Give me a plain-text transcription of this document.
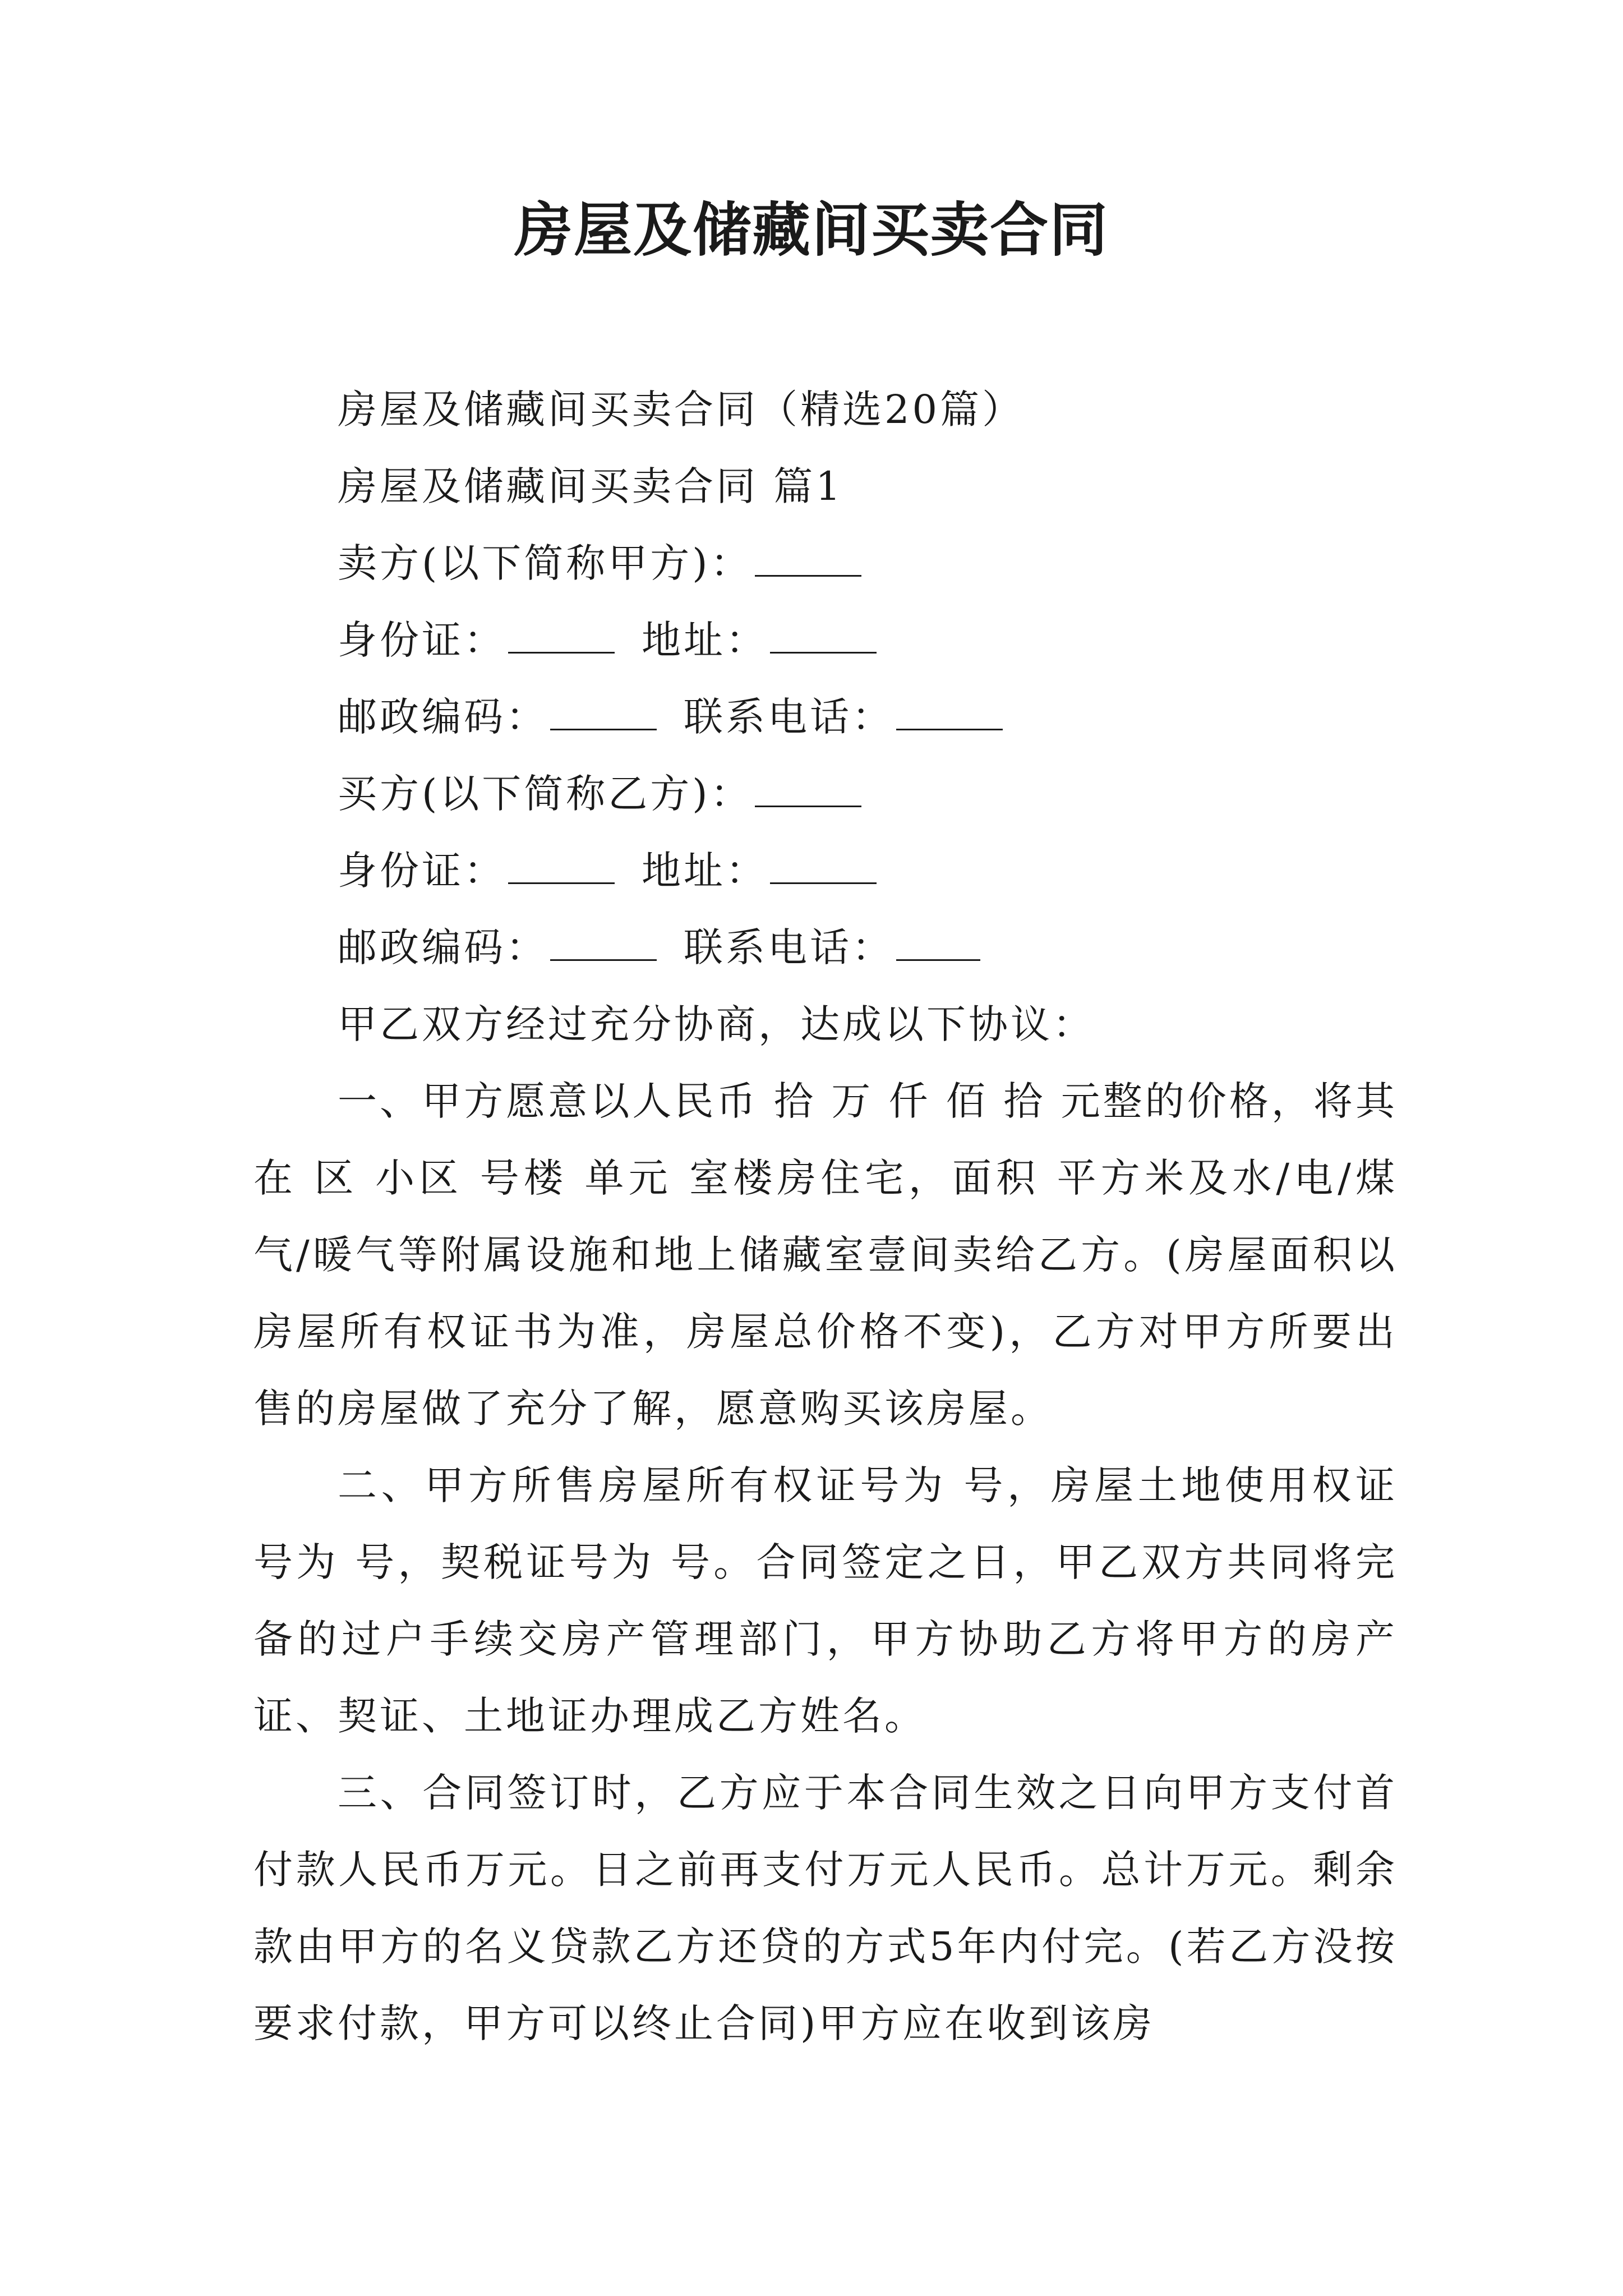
房屋及储藏间买卖合同
房屋及储藏间买卖合同（精选20篇）
房屋及储藏间买卖合同 篇1
卖方(以下简称甲方)：
身份证：	地址：
邮政编码：	联系电话：
买方(以下简称乙方)：
身份证：	地址：
邮政编码：	联系电话：
甲乙双方经过充分协商，达成以下协议：

一、甲方愿意以人民币 拾 万 仟 佰 拾 元整的价格，将其在 区 小区 号楼 单元 室楼房住宅，面积 平方米及水/电/煤气/暖气等附属设施和地上储藏室壹间卖给乙方。(房屋面积以房屋所有权证书为准，房屋总价格不变)，乙方对甲方所要出售的房屋做了充分了解，愿意购买该房屋。

二、甲方所售房屋所有权证号为 号，房屋土地使用权证号为 号，契税证号为 号。合同签定之日，甲乙双方共同将完备的过户手续交房产管理部门，甲方协助乙方将甲方的房产证、契证、土地证办理成乙方姓名。

三、合同签订时，乙方应于本合同生效之日向甲方支付首付款人民币万元。日之前再支付万元人民币。总计万元。剩余款由甲方的名义贷款乙方还贷的方式5年内付完。(若乙方没按要求付款，甲方可以终止合同)甲方应在收到该房
